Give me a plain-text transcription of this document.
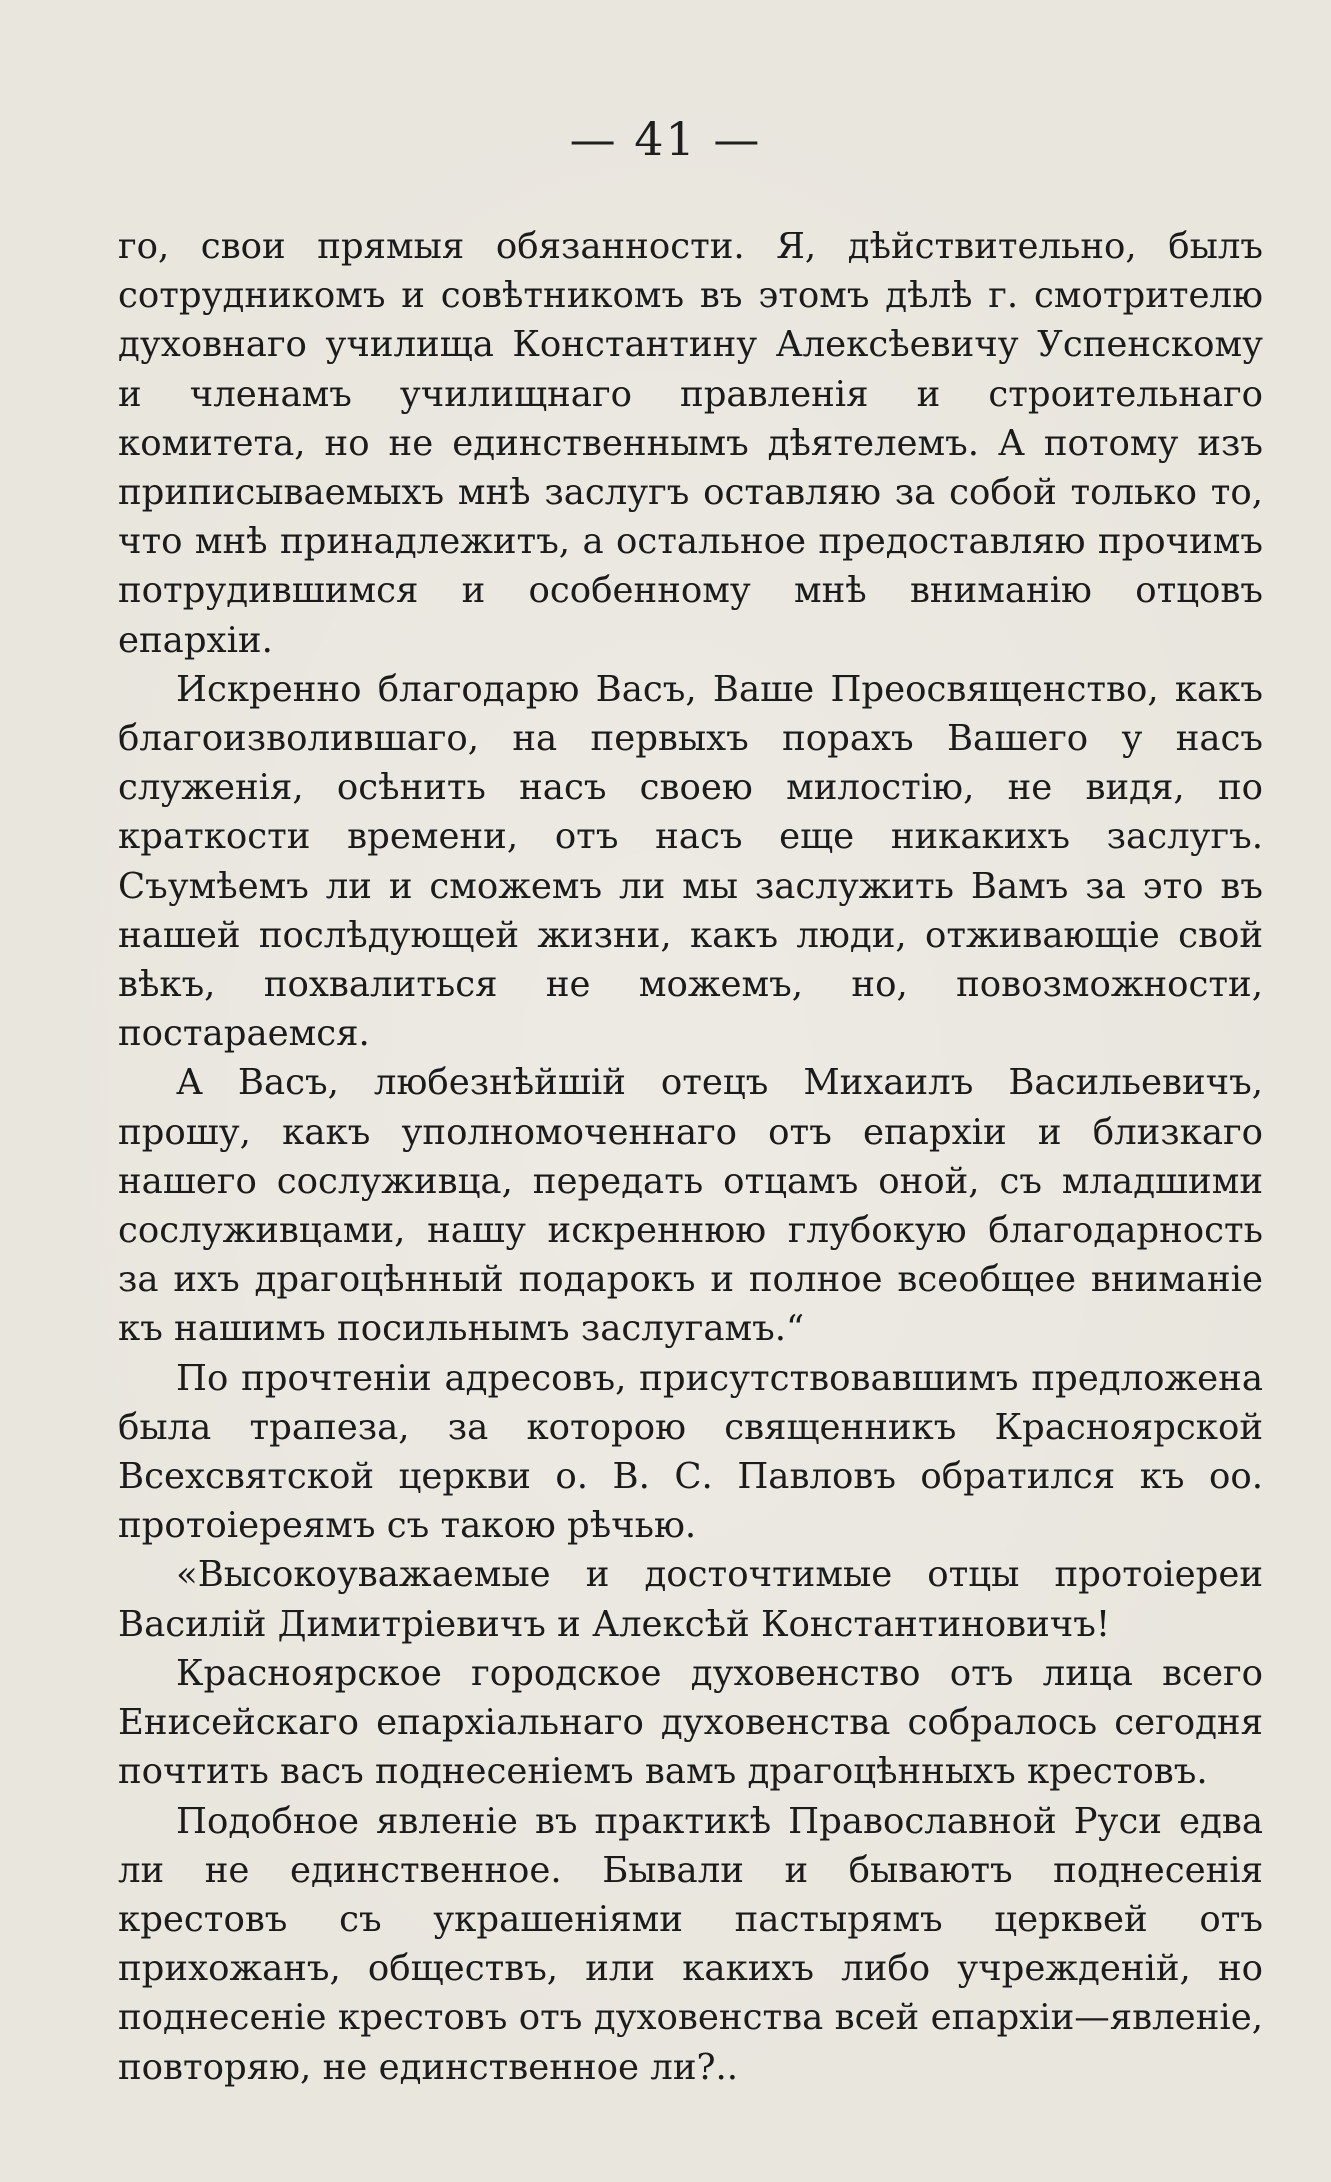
— 41 —

го, свои прямыя обязанности. Я, дѣйствительно, былъ сотрудникомъ и совѣтникомъ въ этомъ дѣлѣ г. смотрителю духовнаго училища Константину Алексѣевичу Успенскому и членамъ училищнаго правленія и строительнаго комитета, но не единственнымъ дѣятелемъ. А потому изъ приписываемыхъ мнѣ заслугъ оставляю за собой только то, что мнѣ принадлежитъ, а остальное предоставляю прочимъ потрудившимся и особенному мнѣ вниманію отцовъ епархіи.

Искренно благодарю Васъ, Ваше Преосвященство, какъ благоизволившаго, на первыхъ порахъ Вашего у насъ служенія, осѣнить насъ своею милостію, не видя, по краткости времени, отъ насъ еще никакихъ заслугъ. Съумѣемъ ли и сможемъ ли мы заслужить Вамъ за это въ нашей послѣдующей жизни, какъ люди, отживающіе свой вѣкъ, похвалиться не можемъ, но, повозможности, постараемся.

А Васъ, любезнѣйшій отецъ Михаилъ Васильевичъ, прошу, какъ уполномоченнаго отъ епархіи и близкаго нашего сослуживца, передать отцамъ оной, съ младшими сослуживцами, нашу искреннюю глубокую благодарность за ихъ драгоцѣнный подарокъ и полное всеобщее вниманіе къ нашимъ посильнымъ заслугамъ.“

По прочтеніи адресовъ, присутствовавшимъ предложена была трапеза, за которою священникъ Красноярской Всехсвятской церкви о. В. С. Павловъ обратился къ оо. протоіереямъ съ такою рѣчью.

«Высокоуважаемые и досточтимые отцы протоіереи Василій Димитріевичъ и Алексѣй Константиновичъ!

Красноярское городское духовенство отъ лица всего Енисейскаго епархіальнаго духовенства собралось сегодня почтить васъ поднесеніемъ вамъ драгоцѣнныхъ крестовъ.

Подобное явленіе въ практикѣ Православной Руси едва ли не единственное. Бывали и бываютъ поднесенія крестовъ съ украшеніями пастырямъ церквей отъ прихожанъ, обществъ, или какихъ либо учрежденій, но поднесеніе крестовъ отъ духовенства всей епархіи—явленіе, повторяю, не единственное ли?..
